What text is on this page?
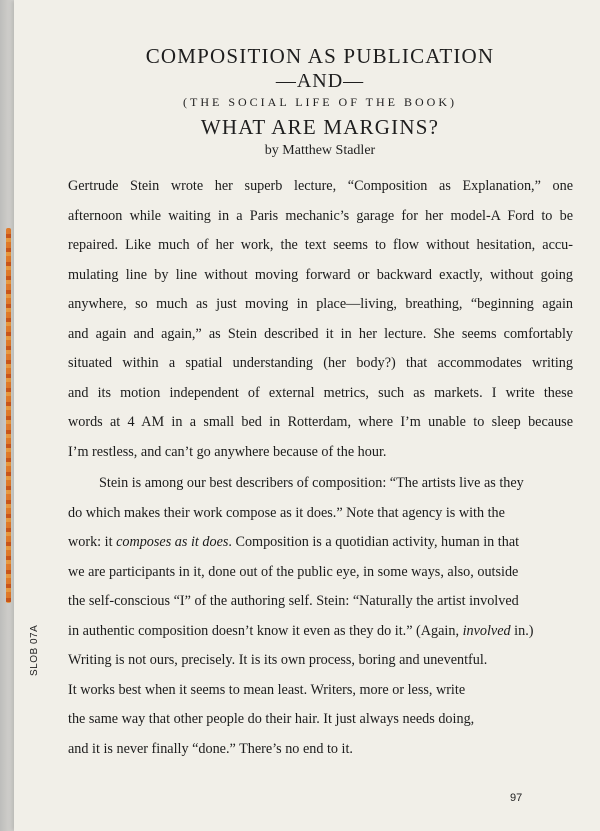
COMPOSITION AS PUBLICATION
—AND—
(THE SOCIAL LIFE OF THE BOOK)
WHAT ARE MARGINS?
by Matthew Stadler
Gertrude Stein wrote her superb lecture, “Composition as Explanation,” one
afternoon while waiting in a Paris mechanic’s garage for her model-A Ford to be
repaired. Like much of her work, the text seems to flow without hesitation, accu-
mulating line by line without moving forward or backward exactly, without going
anywhere, so much as just moving in place—living, breathing, “beginning again
and again and again,” as Stein described it in her lecture. She seems comfortably
situated within a spatial understanding (her body?) that accommodates writing
and its motion independent of external metrics, such as markets. I write these
words at 4 AM in a small bed in Rotterdam, where I’m unable to sleep because
I’m restless, and can’t go anywhere because of the hour.
Stein is among our best describers of composition: “The artists live as they
do which makes their work compose as it does.” Note that agency is with the
work: it composes as it does. Composition is a quotidian activity, human in that
we are participants in it, done out of the public eye, in some ways, also, outside
the self-conscious “I” of the authoring self. Stein: “Naturally the artist involved
in authentic composition doesn’t know it even as they do it.” (Again, involved in.)
Writing is not ours, precisely. It is its own process, boring and uneventful.
It works best when it seems to mean least. Writers, more or less, write
the same way that other people do their hair. It just always needs doing,
and it is never finally “done.” There’s no end to it.
SLOB 07A
97
